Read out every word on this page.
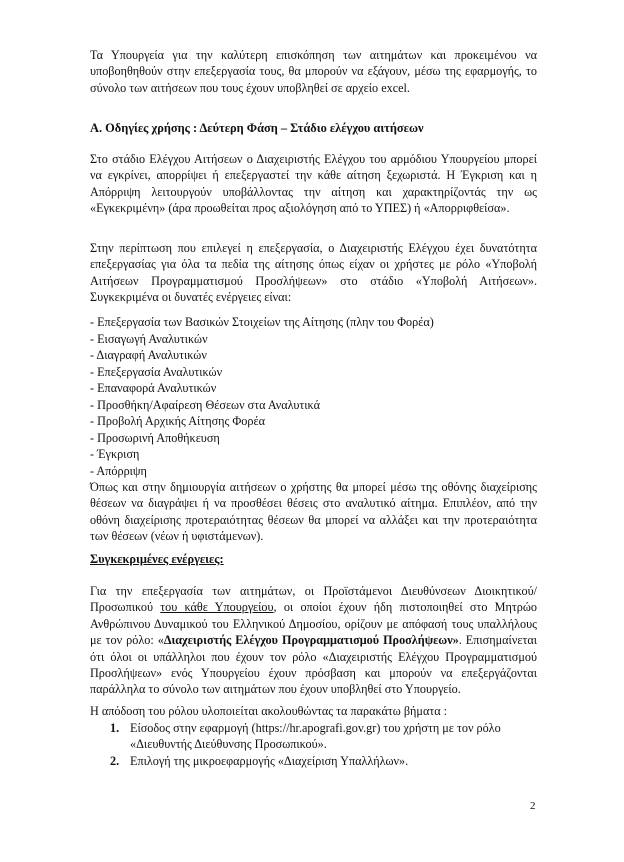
Τα Υπουργεία για την καλύτερη επισκόπηση των αιτημάτων και προκειμένου να υποβοηθηθούν στην επεξεργασία τους, θα μπορούν να εξάγουν, μέσω της εφαρμογής, το σύνολο των αιτήσεων που τους έχουν υποβληθεί σε αρχείο excel.

Α. Οδηγίες χρήσης : Δεύτερη Φάση – Στάδιο ελέγχου αιτήσεων

Στο στάδιο Ελέγχου Αιτήσεων ο Διαχειριστής Ελέγχου του αρμόδιου Υπουργείου μπορεί να εγκρίνει, απορρίψει ή επεξεργαστεί την κάθε αίτηση ξεχωριστά. Η Έγκριση και η Απόρριψη λειτουργούν υποβάλλοντας την αίτηση και χαρακτηρίζοντάς την ως «Εγκεκριμένη» (άρα προωθείται προς αξιολόγηση από το ΥΠΕΣ) ή «Απορριφθείσα».

Στην περίπτωση που επιλεγεί η επεξεργασία, ο Διαχειριστής Ελέγχου έχει δυνατότητα επεξεργασίας για όλα τα πεδία της αίτησης όπως είχαν οι χρήστες με ρόλο «Υποβολή Αιτήσεων Προγραμματισμού Προσλήψεων» στο στάδιο «Υποβολή Αιτήσεων». Συγκεκριμένα οι δυνατές ενέργειες είναι:

- Επεξεργασία των Βασικών Στοιχείων της Αίτησης (πλην του Φορέα)

- Εισαγωγή Αναλυτικών

- Διαγραφή Αναλυτικών

- Επεξεργασία Αναλυτικών

- Επαναφορά Αναλυτικών

- Προσθήκη/Αφαίρεση Θέσεων στα Αναλυτικά

- Προβολή Αρχικής Αίτησης Φορέα

- Προσωρινή Αποθήκευση

- Έγκριση

- Απόρριψη

Όπως και στην δημιουργία αιτήσεων ο χρήστης θα μπορεί μέσω της οθόνης διαχείρισης θέσεων να διαγράψει ή να προσθέσει θέσεις στο αναλυτικό αίτημα. Επιπλέον, από την οθόνη διαχείρισης προτεραιότητας θέσεων θα μπορεί να αλλάξει και την προτεραιότητα των θέσεων (νέων ή υφιστάμενων).

Συγκεκριμένες ενέργειες:

Για την επεξεργασία των αιτημάτων, οι Προϊστάμενοι Διευθύνσεων Διοικητικού/Προσωπικού του κάθε Υπουργείου, οι οποίοι έχουν ήδη πιστοποιηθεί στο Μητρώο Ανθρώπινου Δυναμικού του Ελληνικού Δημοσίου, ορίζουν με απόφασή τους υπαλλήλους με τον ρόλο: «Διαχειριστής Ελέγχου Προγραμματισμού Προσλήψεων». Επισημαίνεται ότι όλοι οι υπάλληλοι που έχουν τον ρόλο «Διαχειριστής Ελέγχου Προγραμματισμού Προσλήψεων» ενός Υπουργείου έχουν πρόσβαση και μπορούν να επεξεργάζονται παράλληλα το σύνολο των αιτημάτων που έχουν υποβληθεί στο Υπουργείο.

Η απόδοση του ρόλου υλοποιείται ακολουθώντας τα παρακάτω βήματα :

1. Είσοδος στην εφαρμογή (https://hr.apografi.gov.gr) του χρήστη με τον ρόλο «Διευθυντής Διεύθυνσης Προσωπικού».
2. Επιλογή της μικροεφαρμογής «Διαχείριση Υπαλλήλων».
2
